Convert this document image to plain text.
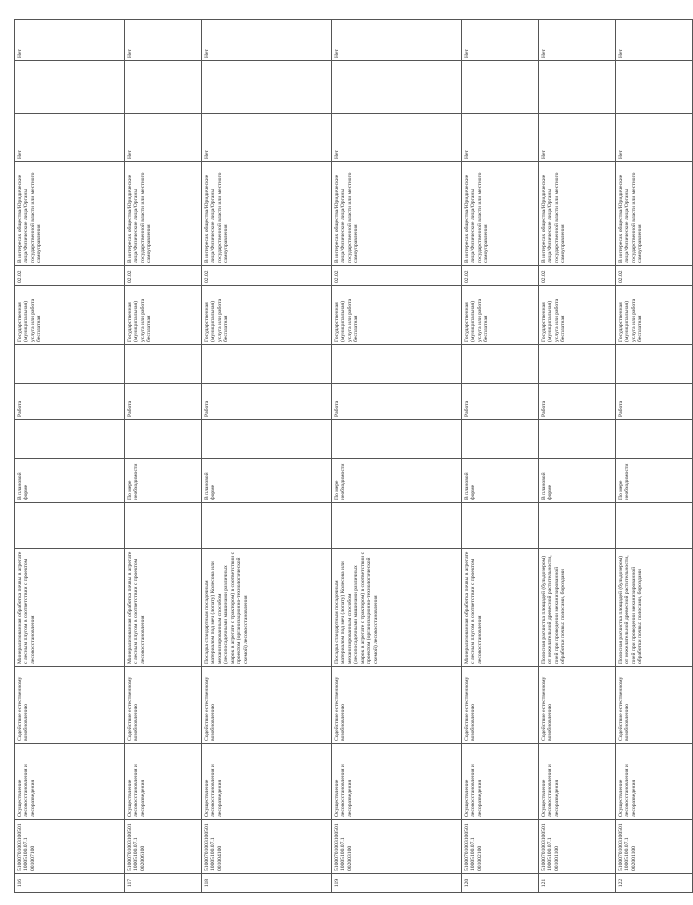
116	5100070100310050110005100.07.1 001007100	Осуществление лесовосстановления и лесоразведения	Содействие естественному возобновлению	Минерализованная обработка почвы в агрегате с лесным плугом в соответствии с проектом лесовосстановления		В плановой форме		Работа		Государственная (муниципальная) услуга или работа бесплатная	02.02	В интересах общества/Юридические лица/Физические лица/Органы государственной власти или местного самоуправления	Нет		Нет
117	5100070100310050110005100.07.1 002006100	Осуществление лесовосстановления и лесоразведения	Содействие естественному возобновлению	Минерализованная обработка почвы в агрегате с лесным плугом в соответствии с проектом лесовосстановления		По мере необходимости		Работа		Государственная (муниципальная) услуга или работа бесплатная	02.02	В интересах общества/Юридические лица/Физические лица/Органы государственной власти или местного самоуправления	Нет		Нет
118	5100070100310050110005100.07.1 001004100	Осуществление лесовосстановления и лесоразведения	Содействие естественному возобновлению	Посадка стандартным посадочным материалом под меч (лопату) Колесова или механизированным способом (лесопосадочными машинами различных марок в агрегате с трактором) в соответствии с проектом (организационно-технологической схемой) лесовосстановления		В плановой форме		Работа		Государственная (муниципальная) услуга или работа бесплатная	02.02	В интересах общества/Юридические лица/Физические лица/Органы государственной власти или местного самоуправления	Нет		Нет
119	5100070100310050110005100.07.1 002003100	Осуществление лесовосстановления и лесоразведения	Содействие естественному возобновлению	Посадка стандартным посадочным материалом под меч (лопату) Колесова или механизированным способом (лесопосадочными машинами различных марок в агрегате с трактором) в соответствии с проектом (организационно-технологической схемой) лесовосстановления		По мере необходимости		Работа		Государственная (муниципальная) услуга или работа бесплатная	02.02	В интересах общества/Юридические лица/Физические лица/Органы государственной власти или местного самоуправления	Нет		Нет
120	5100070100310050110005100.07.1 001002100	Осуществление лесовосстановления и лесоразведения	Содействие естественному возобновлению	Минерализованная обработка почвы в агрегате с лесным плугом в соответствии с проектом лесовосстановления		В плановой форме		Работа		Государственная (муниципальная) услуга или работа бесплатная	02.02	В интересах общества/Юридические лица/Физические лица/Органы государственной власти или местного самоуправления	Нет		Нет
121	5100070100310050110005100.07.1 001001100	Осуществление лесовосстановления и лесоразведения	Содействие естественному возобновлению	Полосная расчистка площадей (бульдозером) от нежелательной древесной растительности, пней при проведении механизированной обработки почвы: полосами, бороздами		В плановой форме		Работа		Государственная (муниципальная) услуга или работа бесплатная	02.02	В интересах общества/Юридические лица/Физические лица/Органы государственной власти или местного самоуправления	Нет		Нет
122	5100070100310050110005100.07.1 002001100	Осуществление лесовосстановления и лесоразведения	Содействие естественному возобновлению	Полосная расчистка площадей (бульдозером) от нежелательной древесной растительности, пней при проведении механизированной обработки почвы: полосами, бороздами		По мере необходимости		Работа		Государственная (муниципальная) услуга или работа бесплатная	02.02	В интересах общества/Юридические лица/Физические лица/Органы государственной власти или местного самоуправления	Нет		Нет
